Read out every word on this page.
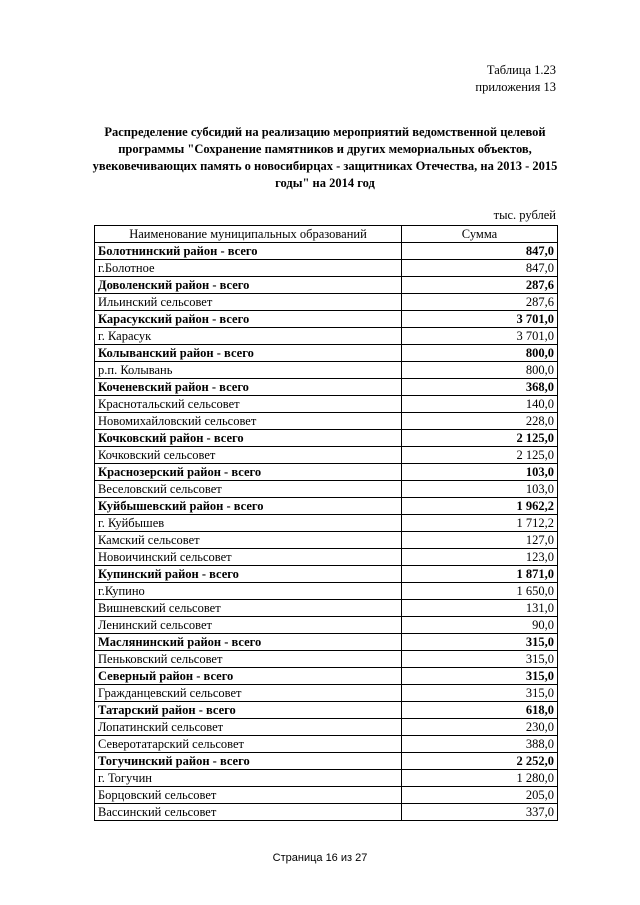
Таблица 1.23
приложения 13
Распределение субсидий на реализацию мероприятий ведомственной целевой программы "Сохранение памятников и других мемориальных объектов, увековечивающих память о новосибирцах - защитниках Отечества, на 2013 - 2015 годы" на 2014 год
тыс. рублей
Наименование муниципальных образований	Сумма
Болотнинский район - всего	847,0
г.Болотное	847,0
Доволенский район - всего	287,6
Ильинский сельсовет	287,6
Карасукский район - всего	3 701,0
г. Карасук	3 701,0
Колыванский район - всего	800,0
р.п. Колывань	800,0
Коченевский район - всего	368,0
Краснотальский сельсовет	140,0
Новомихайловский сельсовет	228,0
Кочковский район - всего	2 125,0
Кочковский сельсовет	2 125,0
Краснозерский район - всего	103,0
Веселовский сельсовет	103,0
Куйбышевский район - всего	1 962,2
г. Куйбышев	1 712,2
Камский сельсовет	127,0
Новоичинский сельсовет	123,0
Купинский район - всего	1 871,0
г.Купино	1 650,0
Вишневский сельсовет	131,0
Ленинский сельсовет	90,0
Маслянинский район - всего	315,0
Пеньковский сельсовет	315,0
Северный район - всего	315,0
Гражданцевский сельсовет	315,0
Татарский район - всего	618,0
Лопатинский сельсовет	230,0
Северотатарский сельсовет	388,0
Тогучинский район - всего	2 252,0
г. Тогучин	1 280,0
Борцовский сельсовет	205,0
Вассинский сельсовет	337,0
Страница 16 из 27
